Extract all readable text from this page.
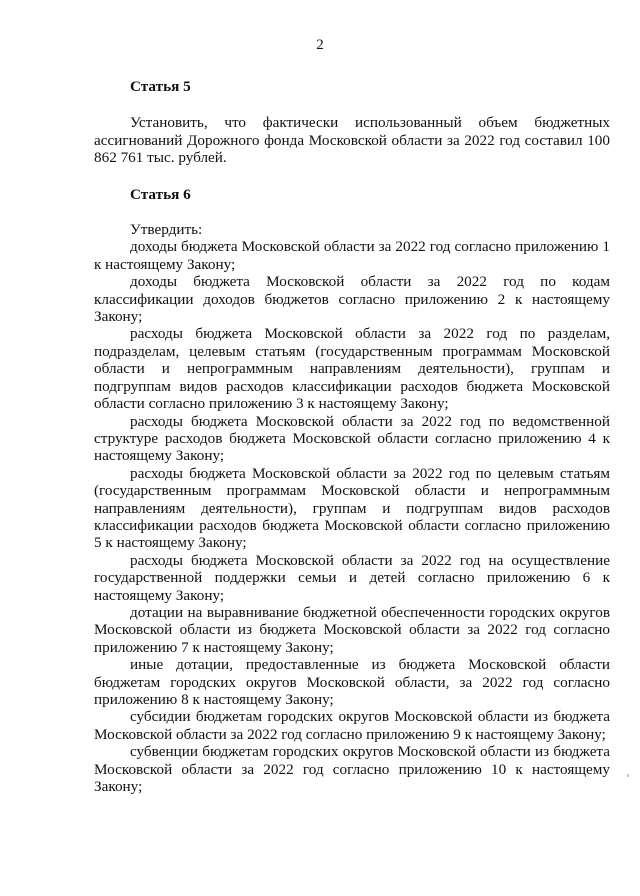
2

Статья 5

Установить, что фактически использованный объем бюджетных ассигнований Дорожного фонда Московской области за 2022 год составил 100 862 761 тыс. рублей.

Статья 6

Утвердить:

доходы бюджета Московской области за 2022 год согласно приложению 1 к настоящему Закону;

доходы бюджета Московской области за 2022 год по кодам классификации доходов бюджетов согласно приложению 2 к настоящему Закону;

расходы бюджета Московской области за 2022 год по разделам, подразделам, целевым статьям (государственным программам Московской области и непрограммным направлениям деятельности), группам и подгруппам видов расходов классификации расходов бюджета Московской области согласно приложению 3 к настоящему Закону;

расходы бюджета Московской области за 2022 год по ведомственной структуре расходов бюджета Московской области согласно приложению 4 к настоящему Закону;

расходы бюджета Московской области за 2022 год по целевым статьям (государственным программам Московской области и непрограммным направлениям деятельности), группам и подгруппам видов расходов классификации расходов бюджета Московской области согласно приложению 5 к настоящему Закону;

расходы бюджета Московской области за 2022 год на осуществление государственной поддержки семьи и детей согласно приложению 6 к настоящему Закону;

дотации на выравнивание бюджетной обеспеченности городских округов Московской области из бюджета Московской области за 2022 год согласно приложению 7 к настоящему Закону;

иные дотации, предоставленные из бюджета Московской области бюджетам городских округов Московской области, за 2022 год согласно приложению 8 к настоящему Закону;

субсидии бюджетам городских округов Московской области из бюджета Московской области за 2022 год согласно приложению 9 к настоящему Закону;

субвенции бюджетам городских округов Московской области из бюджета Московской области за 2022 год согласно приложению 10 к настоящему Закону;
